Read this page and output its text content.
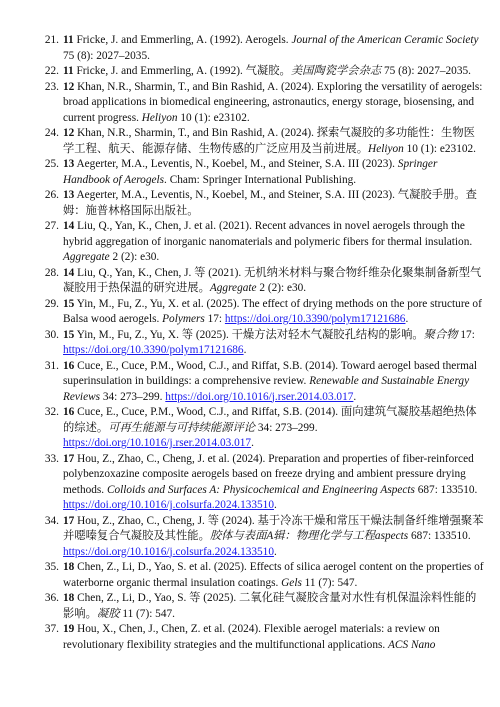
21. 11 Fricke, J. and Emmerling, A. (1992). Aerogels. Journal of the American Ceramic Society 75 (8): 2027–2035.
22. 11 Fricke, J. and Emmerling, A. (1992). 气凝胶。美国陶瓷学会杂志 75 (8): 2027–2035.
23. 12 Khan, N.R., Sharmin, T., and Bin Rashid, A. (2024). Exploring the versatility of aerogels: broad applications in biomedical engineering, astronautics, energy storage, biosensing, and current progress. Heliyon 10 (1): e23102.
24. 12 Khan, N.R., Sharmin, T., and Bin Rashid, A. (2024). 探索气凝胶的多功能性：生物医学工程、航天、能源存储、生物传感的广泛应用及当前进展。Heliyon 10 (1): e23102.
25. 13 Aegerter, M.A., Leventis, N., Koebel, M., and Steiner, S.A. III (2023). Springer Handbook of Aerogels. Cham: Springer International Publishing.
26. 13 Aegerter, M.A., Leventis, N., Koebel, M., and Steiner, S.A. III (2023). 气凝胶手册。查姆：施普林格国际出版社。
27. 14 Liu, Q., Yan, K., Chen, J. et al. (2021). Recent advances in novel aerogels through the hybrid aggregation of inorganic nanomaterials and polymeric fibers for thermal insulation. Aggregate 2 (2): e30.
28. 14 Liu, Q., Yan, K., Chen, J. 等 (2021). 无机纳米材料与聚合物纤维杂化聚集制备新型气凝胶用于热保温的研究进展。Aggregate 2 (2): e30.
29. 15 Yin, M., Fu, Z., Yu, X. et al. (2025). The effect of drying methods on the pore structure of Balsa wood aerogels. Polymers 17: https://doi.org/10.3390/polym17121686.
30. 15 Yin, M., Fu, Z., Yu, X. 等 (2025). 干燥方法对轻木气凝胶孔结构的影响。聚合物 17: https://doi.org/10.3390/polym17121686.
31. 16 Cuce, E., Cuce, P.M., Wood, C.J., and Riffat, S.B. (2014). Toward aerogel based thermal superinsulation in buildings: a comprehensive review. Renewable and Sustainable Energy Reviews 34: 273–299. https://doi.org/10.1016/j.rser.2014.03.017.
32. 16 Cuce, E., Cuce, P.M., Wood, C.J., and Riffat, S.B. (2014). 面向建筑气凝胶基超绝热体的综述。可再生能源与可持续能源评论 34: 273–299. https://doi.org/10.1016/j.rser.2014.03.017.
33. 17 Hou, Z., Zhao, C., Cheng, J. et al. (2024). Preparation and properties of fiber-reinforced polybenzoxazine composite aerogels based on freeze drying and ambient pressure drying methods. Colloids and Surfaces A: Physicochemical and Engineering Aspects 687: 133510. https://doi.org/10.1016/j.colsurfa.2024.133510.
34. 17 Hou, Z., Zhao, C., Cheng, J. 等 (2024). 基于冷冻干燥和常压干燥法制备纤维增强聚苯并噁嗪复合气凝胶及其性能。胶体与表面A辑：物理化学与工程aspects 687: 133510. https://doi.org/10.1016/j.colsurfa.2024.133510.
35. 18 Chen, Z., Li, D., Yao, S. et al. (2025). Effects of silica aerogel content on the properties of waterborne organic thermal insulation coatings. Gels 11 (7): 547.
36. 18 Chen, Z., Li, D., Yao, S. 等 (2025). 二氧化硅气凝胶含量对水性有机保温涂料性能的影响。凝胶 11 (7): 547.
37. 19 Hou, X., Chen, J., Chen, Z. et al. (2024). Flexible aerogel materials: a review on revolutionary flexibility strategies and the multifunctional applications. ACS Nano
